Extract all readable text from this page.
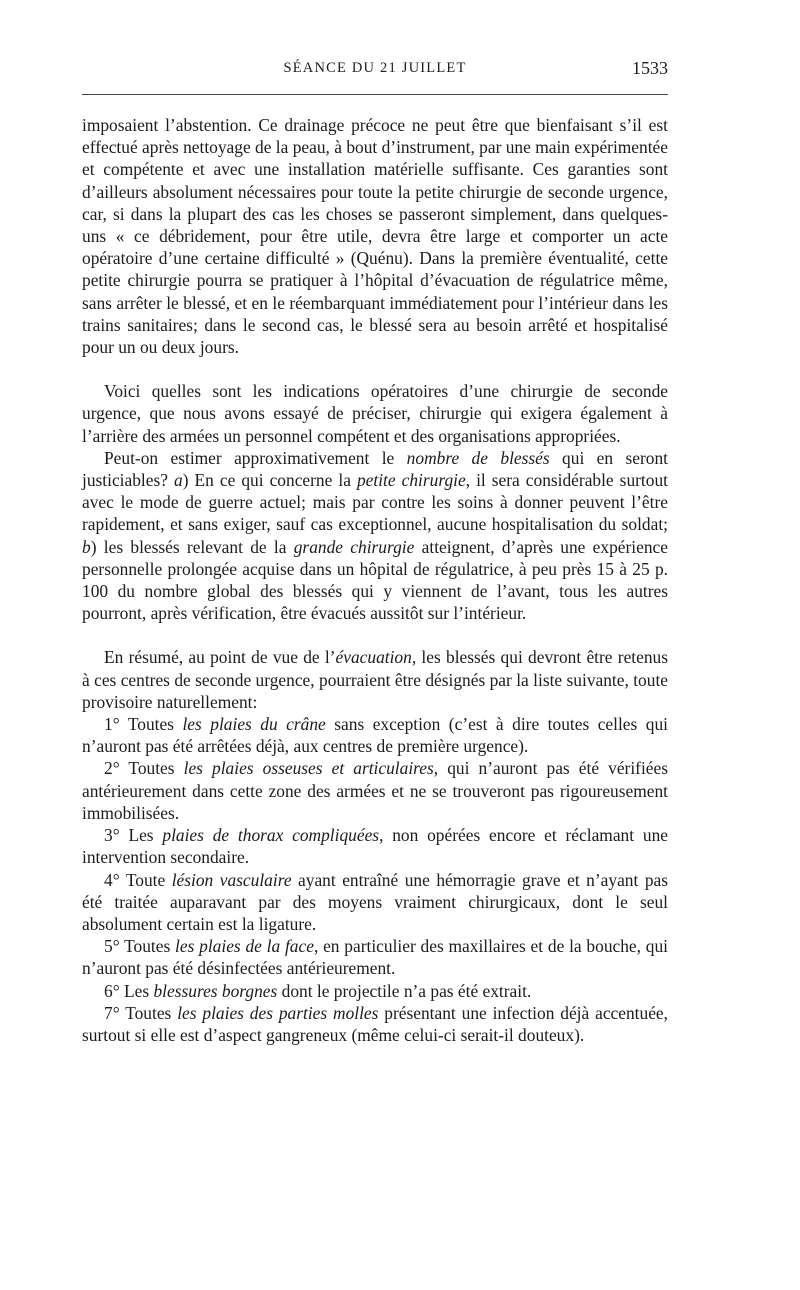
SÉANCE DU 21 JUILLET	1533

imposaient l’abstention. Ce drainage précoce ne peut être que bienfaisant s’il est effectué après nettoyage de la peau, à bout d’instrument, par une main expérimentée et compétente et avec une installation matérielle suffisante. Ces garanties sont d’ailleurs absolument nécessaires pour toute la petite chirurgie de seconde urgence, car, si dans la plupart des cas les choses se passeront simplement, dans quelques-uns « ce débridement, pour être utile, devra être large et comporter un acte opératoire d’une certaine difficulté » (Quénu). Dans la première éventualité, cette petite chirurgie pourra se pratiquer à l’hôpital d’évacuation de régulatrice même, sans arrêter le blessé, et en le réembarquant immédiatement pour l’intérieur dans les trains sanitaires; dans le second cas, le blessé sera au besoin arrêté et hospitalisé pour un ou deux jours.

Voici quelles sont les indications opératoires d’une chirurgie de seconde urgence, que nous avons essayé de préciser, chirurgie qui exigera également à l’arrière des armées un personnel compétent et des organisations appropriées.

Peut-on estimer approximativement le nombre de blessés qui en seront justiciables? a) En ce qui concerne la petite chirurgie, il sera considérable surtout avec le mode de guerre actuel; mais par contre les soins à donner peuvent l’être rapidement, et sans exiger, sauf cas exceptionnel, aucune hospitalisation du soldat; b) les blessés relevant de la grande chirurgie atteignent, d’après une expérience personnelle prolongée acquise dans un hôpital de régulatrice, à peu près 15 à 25 p. 100 du nombre global des blessés qui y viennent de l’avant, tous les autres pourront, après vérification, être évacués aussitôt sur l’intérieur.

En résumé, au point de vue de l’évacuation, les blessés qui devront être retenus à ces centres de seconde urgence, pourraient être désignés par la liste suivante, toute provisoire naturellement:

1° Toutes les plaies du crâne sans exception (c’est à dire toutes celles qui n’auront pas été arrêtées déjà, aux centres de première urgence).

2° Toutes les plaies osseuses et articulaires, qui n’auront pas été vérifiées antérieurement dans cette zone des armées et ne se trouveront pas rigoureusement immobilisées.

3° Les plaies de thorax compliquées, non opérées encore et réclamant une intervention secondaire.

4° Toute lésion vasculaire ayant entraîné une hémorragie grave et n’ayant pas été traitée auparavant par des moyens vraiment chirurgicaux, dont le seul absolument certain est la ligature.

5° Toutes les plaies de la face, en particulier des maxillaires et de la bouche, qui n’auront pas été désinfectées antérieurement.

6° Les blessures borgnes dont le projectile n’a pas été extrait.

7° Toutes les plaies des parties molles présentant une infection déjà accentuée, surtout si elle est d’aspect gangreneux (même celui-ci serait-il douteux).
